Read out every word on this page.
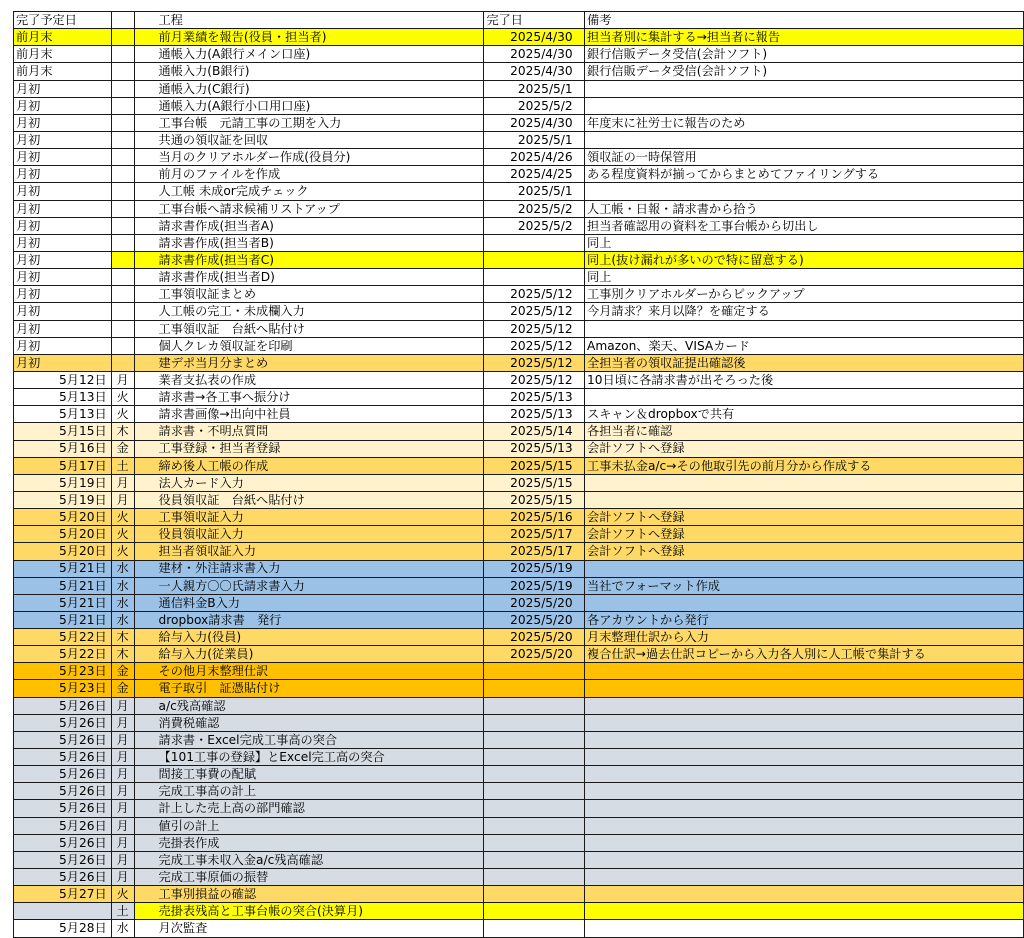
完了予定日		工程		完了日		備考
前月末		前月業績を報告(役員・担当者)		2025/4/30		担当者別に集計する→担当者に報告
前月末		通帳入力(A銀行メイン口座)		2025/4/30		銀行信販データ受信(会計ソフト)
前月末		通帳入力(B銀行)		2025/4/30		銀行信販データ受信(会計ソフト)
月初		通帳入力(C銀行)		2025/5/1		
月初		通帳入力(A銀行小口用口座)		2025/5/2		
月初		工事台帳　元請工事の工期を入力		2025/4/30		年度末に社労士に報告のため
月初		共通の領収証を回収		2025/5/1		
月初		当月のクリアホルダー作成(役員分)		2025/4/26		領収証の一時保管用
月初		前月のファイルを作成		2025/4/25		ある程度資料が揃ってからまとめてファイリングする
月初		人工帳 未成or完成チェック		2025/5/1		
月初		工事台帳へ請求候補リストアップ		2025/5/2		人工帳・日報・請求書から拾う
月初		請求書作成(担当者A)		2025/5/2		担当者確認用の資料を工事台帳から切出し
月初		請求書作成(担当者B)				同上
月初		請求書作成(担当者C)				同上(抜け漏れが多いので特に留意する)
月初		請求書作成(担当者D)				同上
月初		工事領収証まとめ		2025/5/12		工事別クリアホルダーからピックアップ
月初		人工帳の完工・未成欄入力		2025/5/12		今月請求？来月以降？を確定する
月初		工事領収証　台紙へ貼付け		2025/5/12		
月初		個人クレカ領収証を印刷		2025/5/12		Amazon、楽天、VISAカード
月初		建デポ当月分まとめ		2025/5/12		全担当者の領収証提出確認後
5月12日	月	業者支払表の作成		2025/5/12		10日頃に各請求書が出そろった後
5月13日	火	請求書→各工事へ振分け		2025/5/13		
5月13日	火	請求書画像→出向中社員		2025/5/13		スキャン＆dropboxで共有
5月15日	木	請求書・不明点質問		2025/5/14		各担当者に確認
5月16日	金	工事登録・担当者登録		2025/5/13		会計ソフトへ登録
5月17日	土	締め後人工帳の作成		2025/5/15		工事未払金a/c→その他取引先の前月分から作成する
5月19日	月	法人カード入力		2025/5/15		
5月19日	月	役員領収証　台紙へ貼付け		2025/5/15		
5月20日	火	工事領収証入力		2025/5/16		会計ソフトへ登録
5月20日	火	役員領収証入力		2025/5/17		会計ソフトへ登録
5月20日	火	担当者領収証入力		2025/5/17		会計ソフトへ登録
5月21日	水	建材・外注請求書入力		2025/5/19		
5月21日	水	一人親方〇〇氏請求書入力		2025/5/19		当社でフォーマット作成
5月21日	水	通信料金B入力		2025/5/20		
5月21日	水	dropbox請求書　発行		2025/5/20		各アカウントから発行
5月22日	木	給与入力(役員)		2025/5/20		月末整理仕訳から入力
5月22日	木	給与入力(従業員)		2025/5/20		複合仕訳→過去仕訳コピーから入力各人別に人工帳で集計する
5月23日	金	その他月末整理仕訳				
5月23日	金	電子取引　証憑貼付け				
5月26日	月	a/c残高確認				
5月26日	月	消費税確認				
5月26日	月	請求書・Excel完成工事高の突合				
5月26日	月	【101工事の登録】とExcel完工高の突合				
5月26日	月	間接工事費の配賦				
5月26日	月	完成工事高の計上				
5月26日	月	計上した売上高の部門確認				
5月26日	月	値引の計上				
5月26日	月	売掛表作成				
5月26日	月	完成工事未収入金a/c残高確認				
5月26日	月	完成工事原価の振替				
5月27日	火	工事別損益の確認				
	土	売掛表残高と工事台帳の突合(決算月)				
5月28日	水	月次監査				
